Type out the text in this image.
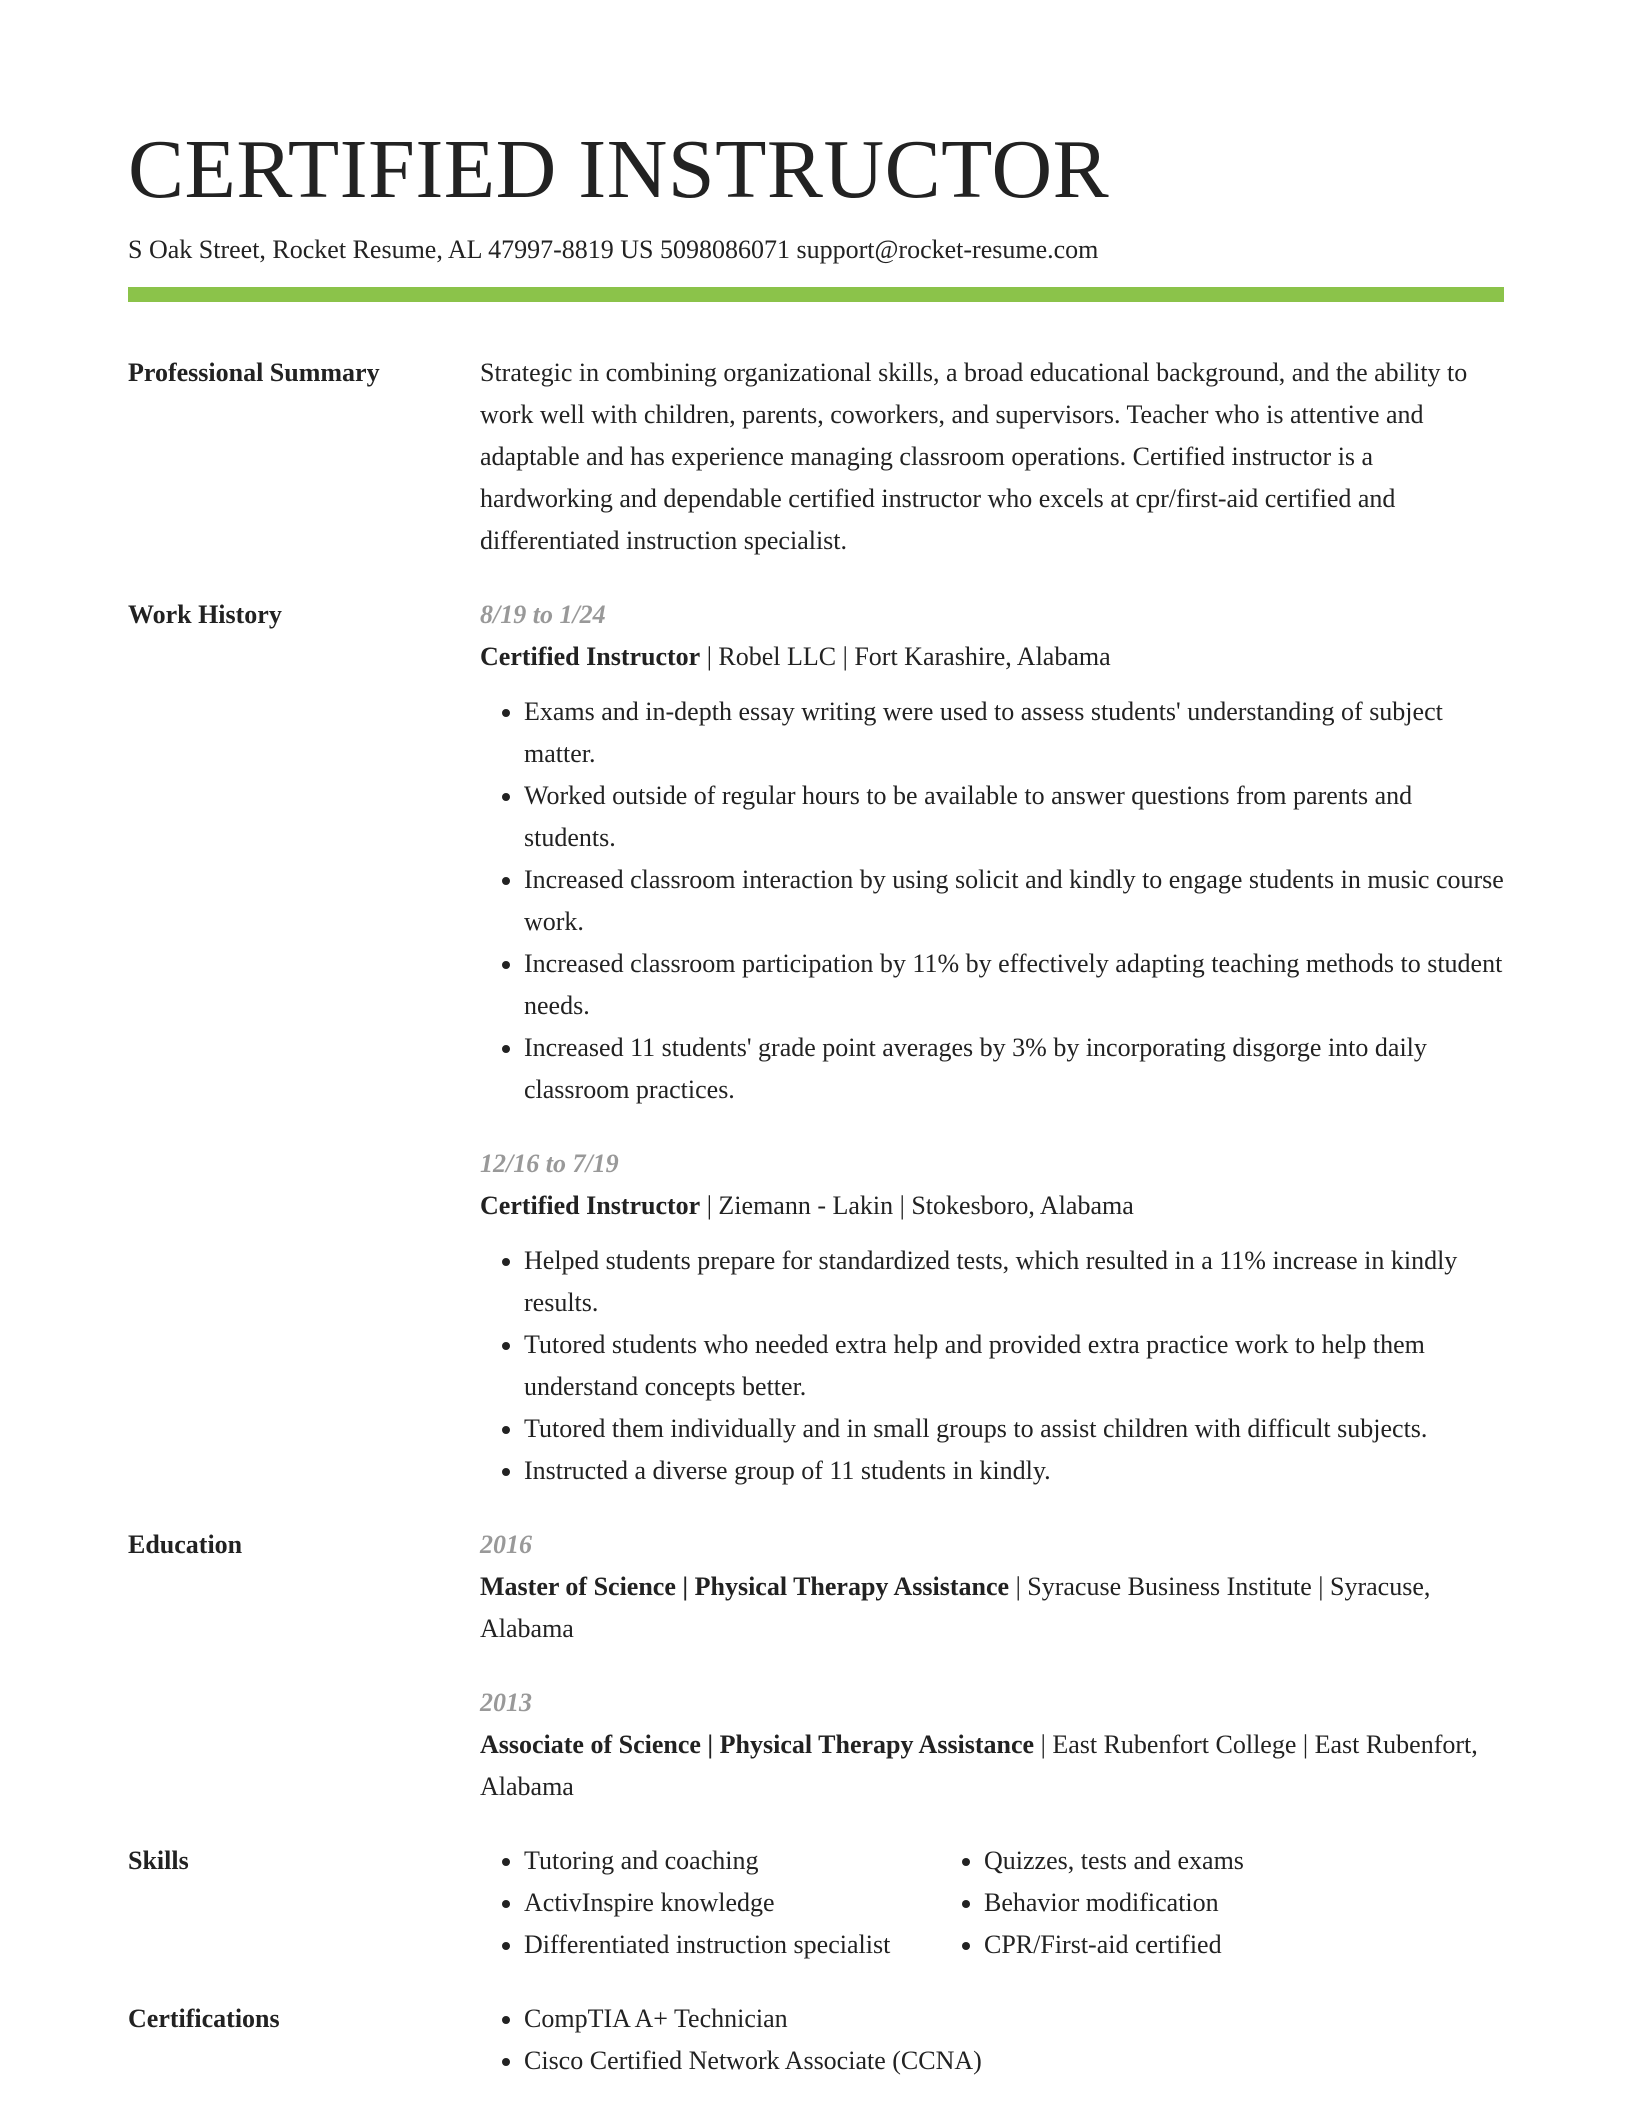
CERTIFIED INSTRUCTOR
S Oak Street, Rocket Resume, AL 47997-8819 US 5098086071 support@rocket-resume.com
Professional Summary	Strategic in combining organizational skills, a broad educational background, and the ability to work well with children, parents, coworkers, and supervisors. Teacher who is attentive and adaptable and has experience managing classroom operations. Certified instructor is a hardworking and dependable certified instructor who excels at cpr/first-aid certified and differentiated instruction specialist.
Work History	8/19 to 1/24
Certified Instructor | Robel LLC | Fort Karashire, Alabama
• Exams and in-depth essay writing were used to assess students' understanding of subject matter.
• Worked outside of regular hours to be available to answer questions from parents and students.
• Increased classroom interaction by using solicit and kindly to engage students in music course work.
• Increased classroom participation by 11% by effectively adapting teaching methods to student needs.
• Increased 11 students' grade point averages by 3% by incorporating disgorge into daily classroom practices.
12/16 to 7/19
Certified Instructor | Ziemann - Lakin | Stokesboro, Alabama
• Helped students prepare for standardized tests, which resulted in a 11% increase in kindly results.
• Tutored students who needed extra help and provided extra practice work to help them understand concepts better.
• Tutored them individually and in small groups to assist children with difficult subjects.
• Instructed a diverse group of 11 students in kindly.
Education	2016
Master of Science | Physical Therapy Assistance | Syracuse Business Institute | Syracuse, Alabama
2013
Associate of Science | Physical Therapy Assistance | East Rubenfort College | East Rubenfort, Alabama
Skills	• Tutoring and coaching
• ActivInspire knowledge
• Differentiated instruction specialist
• Quizzes, tests and exams
• Behavior modification
• CPR/First-aid certified
Certifications	• CompTIA A+ Technician
• Cisco Certified Network Associate (CCNA)
